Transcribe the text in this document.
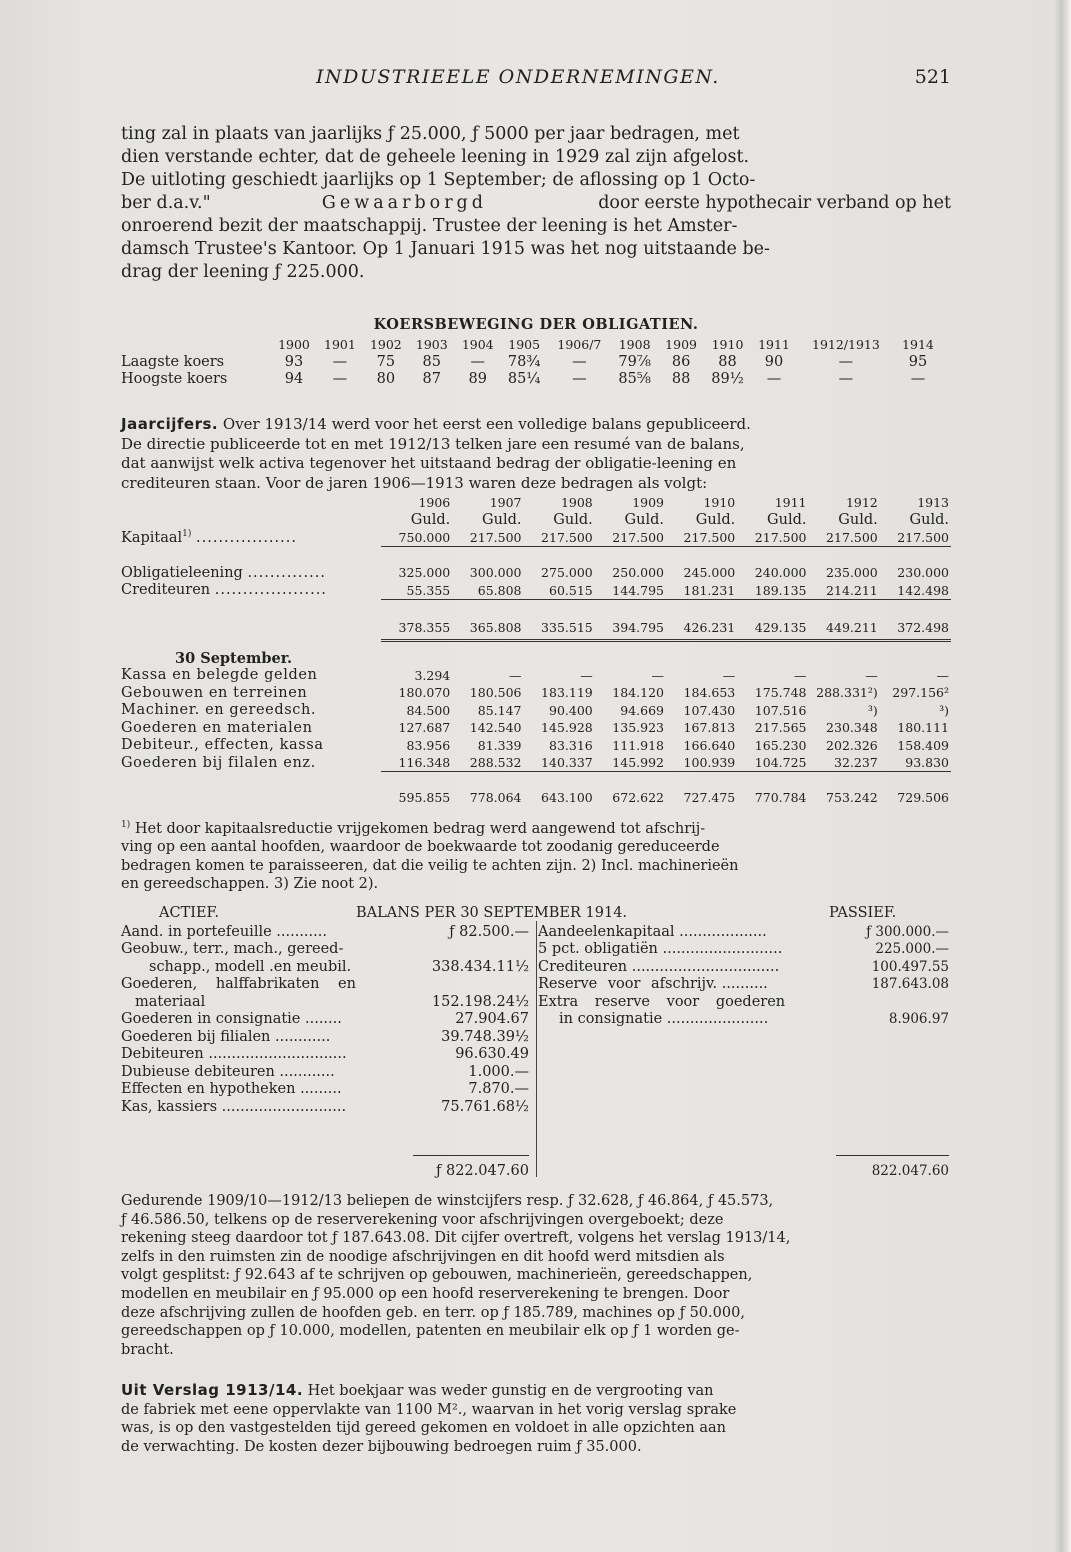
INDUSTRIEELE ONDERNEMINGEN.	521

ting zal in plaats van jaarlijks ƒ 25.000, ƒ 5000 per jaar bedragen, met

dien verstande echter, dat de geheele leening in 1929 zal zijn afgelost.

De uitloting geschiedt jaarlijks op 1 September; de aflossing op 1 Octo-

ber d.a.v."	Gewaarborgd	door eerste hypothecair verband op het

onroerend bezit der maatschappij. Trustee der leening is het Amster-

damsch Trustee's Kantoor. Op 1 Januari 1915 was het nog uitstaande be-

drag der leening ƒ 225.000.

KOERSBEWEGING DER OBLIGATIEN.
	1900	1901	1902	1903	1904	1905	1906/7	1908	1909	1910	1911	1912/1913	1914
Laagste koers	93	—	75	85	—	78¾	—	79⅞	86	88	90	—	95
Hoogste koers	94	—	80	87	89	85¼	—	85⅝	88	89½	—	—	—

Jaarcijfers. Over 1913/14 werd voor het eerst een volledige balans gepubliceerd.

De directie publiceerde tot en met 1912/13 telken jare een resumé van de balans,

dat aanwijst welk activa tegenover het uitstaand bedrag der obligatie-leening en

crediteuren staan. Voor de jaren 1906—1913 waren deze bedragen als volgt:

	1906	1907	1908	1909	1910	1911	1912	1913
	Guld.	Guld.	Guld.	Guld.	Guld.	Guld.	Guld.	Guld.
Kapitaal$^{1)}$ ..................	750.000	217.500	217.500	217.500	217.500	217.500	217.500	217.500

Obligatieleening ..............	325.000	300.000	275.000	250.000	245.000	240.000	235.000	230.000
Crediteuren ....................	55.355	65.808	60.515	144.795	181.231	189.135	214.211	142.498

	378.355	365.808	335.515	394.795	426.231	429.135	449.211	372.498
30 September.								
Kassa en belegde gelden	3.294	—	—	—	—	—	—	—
Gebouwen en terreinen	180.070	180.506	183.119	184.120	184.653	175.748	288.331²)	297.156²
Machiner. en gereedsch.	84.500	85.147	90.400	94.669	107.430	107.516	³)	³)
Goederen en materialen	127.687	142.540	145.928	135.923	167.813	217.565	230.348	180.111
Debiteur., effecten, kassa	83.956	81.339	83.316	111.918	166.640	165.230	202.326	158.409
Goederen bij filalen enz.	116.348	288.532	140.337	145.992	100.939	104.725	32.237	93.830

	595.855	778.064	643.100	672.622	727.475	770.784	753.242	729.506

$^{1)}$ Het door kapitaalsreductie vrijgekomen bedrag werd aangewend tot afschrij-

ving op een aantal hoofden, waardoor de boekwaarde tot zoodanig gereduceerde

bedragen komen te paraisseeren, dat die veilig te achten zijn. 2) Incl. machinerieën

en gereedschappen. 3) Zie noot 2).

ACTIEF.	BALANS PER 30 SEPTEMBER 1914.	PASSIEF.
Aand. in portefeuille ...........	ƒ 82.500.—
Geobuw., terr., mach., gereed-	
schapp., modell .en meubil.	338.434.11½
Goederen, halffabrikaten en	
materiaal	152.198.24½
Goederen in consignatie ........	27.904.67
Goederen bij filialen ............	39.748.39½
Debiteuren ..............................	96.630.49
Dubieuse debiteuren ............	1.000.—
Effecten en hypotheken .........	7.870.—
Kas, kassiers ...........................	75.761.68½
ƒ 822.047.60
Aandeelenkapitaal ...................	ƒ 300.000.—
5 pct. obligatiën ..........................	225.000.—
Crediteuren ................................	100.497.55
Reserve voor afschrijv. ..........	187.643.08
Extra reserve voor goederen	
in consignatie ......................	8.906.97
822.047.60

Gedurende 1909/10—1912/13 beliepen de winstcijfers resp. ƒ 32.628, ƒ 46.864, ƒ 45.573,

ƒ 46.586.50, telkens op de reserverekening voor afschrijvingen overgeboekt; deze

rekening steeg daardoor tot ƒ 187.643.08. Dit cijfer overtreft, volgens het verslag 1913/14,

zelfs in den ruimsten zin de noodige afschrijvingen en dit hoofd werd mitsdien als

volgt gesplitst: ƒ 92.643 af te schrijven op gebouwen, machinerieën, gereedschappen,

modellen en meubilair en ƒ 95.000 op een hoofd reserverekening te brengen. Door

deze afschrijving zullen de hoofden geb. en terr. op ƒ 185.789, machines op ƒ 50.000,

gereedschappen op ƒ 10.000, modellen, patenten en meubilair elk op ƒ 1 worden ge-

bracht.

Uit Verslag 1913/14. Het boekjaar was weder gunstig en de vergrooting van

de fabriek met eene oppervlakte van 1100 M²., waarvan in het vorig verslag sprake

was, is op den vastgestelden tijd gereed gekomen en voldoet in alle opzichten aan

de verwachting. De kosten dezer bijbouwing bedroegen ruim ƒ 35.000.
